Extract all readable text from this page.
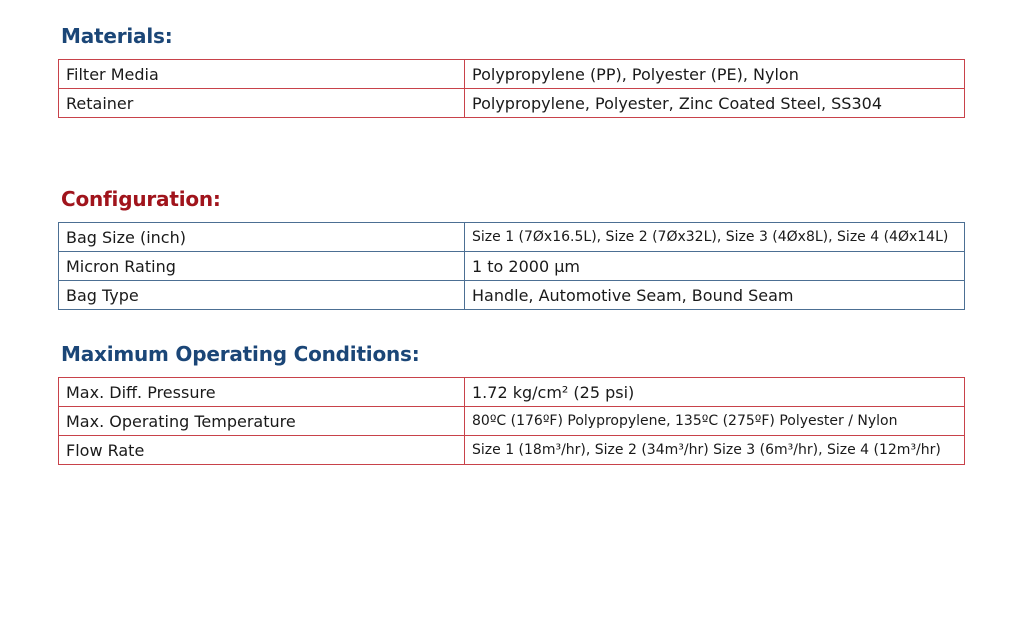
Materials:
Filter Media	Polypropylene (PP), Polyester (PE), Nylon
Retainer	Polypropylene, Polyester, Zinc Coated Steel, SS304
Configuration:
Bag Size (inch)	Size 1 (7Øx16.5L), Size 2 (7Øx32L), Size 3 (4Øx8L), Size 4 (4Øx14L)
Micron Rating	1 to 2000 µm
Bag Type	Handle, Automotive Seam, Bound Seam
Maximum Operating Conditions:
Max. Diff. Pressure	1.72 kg/cm² (25 psi)
Max. Operating Temperature	80ºC (176ºF) Polypropylene, 135ºC (275ºF) Polyester / Nylon
Flow Rate	Size 1 (18m³/hr), Size 2 (34m³/hr) Size 3 (6m³/hr), Size 4 (12m³/hr)
